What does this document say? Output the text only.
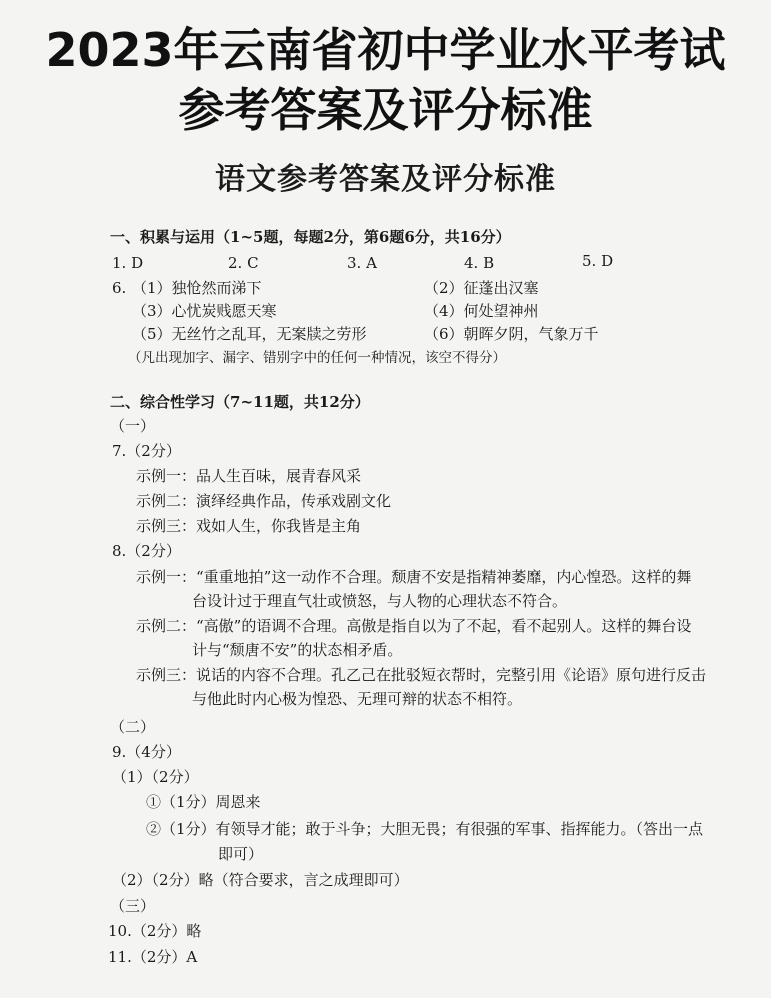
2023年云南省初中学业水平考试
参考答案及评分标准
语文参考答案及评分标准
一、积累与运用（1~5题，每题2分，第6题6分，共16分）
1. D	2. C	3. A	4. B	5. D
6. （1）独怆然而涕下	（2）征蓬出汉塞
（3）心忧炭贱愿天寒	（4）何处望神州
（5）无丝竹之乱耳，无案牍之劳形	（6）朝晖夕阴，气象万千
（凡出现加字、漏字、错别字中的任何一种情况，该空不得分）
二、综合性学习（7~11题，共12分）
（一）
7.（2分）
示例一：品人生百味，展青春风采
示例二：演绎经典作品，传承戏剧文化
示例三：戏如人生，你我皆是主角
8.（2分）
示例一：“重重地拍”这一动作不合理。颓唐不安是指精神萎靡，内心惶恐。这样的舞
台设计过于理直气壮或愤怒，与人物的心理状态不符合。
示例二：“高傲”的语调不合理。高傲是指自以为了不起，看不起别人。这样的舞台设
计与“颓唐不安”的状态相矛盾。
示例三：说话的内容不合理。孔乙己在批驳短衣帮时，完整引用《论语》原句进行反击
与他此时内心极为惶恐、无理可辩的状态不相符。
（二）
9.（4分）
（1）（2分）
①（1分）周恩来
②（1分）有领导才能；敢于斗争；大胆无畏；有很强的军事、指挥能力。（答出一点
即可）
（2）（2分）略（符合要求，言之成理即可）
（三）
10.（2分）略
11.（2分）A
